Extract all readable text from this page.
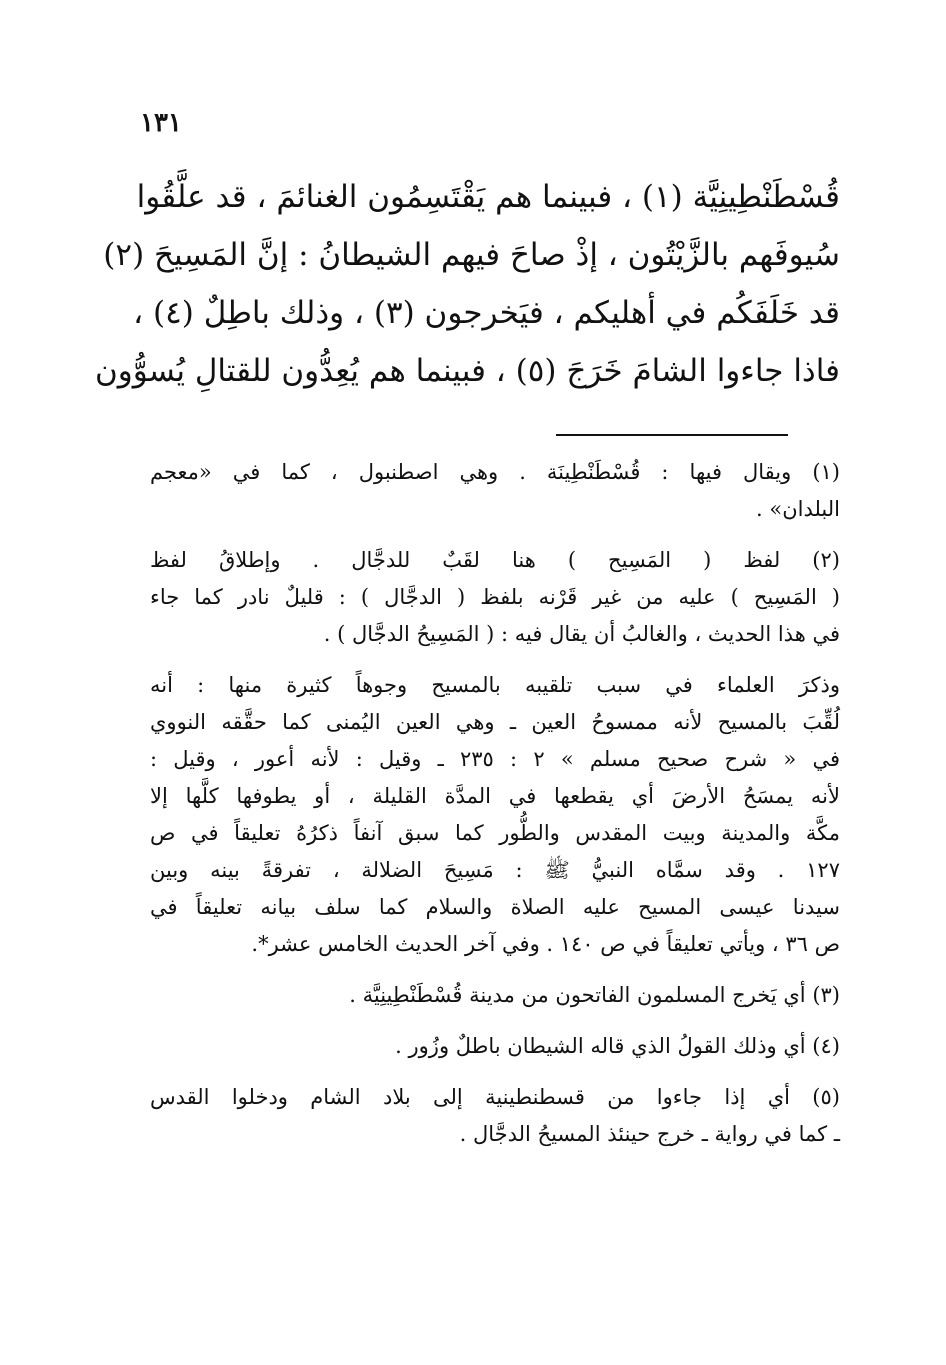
١٣١
قُسْطَنْطِينِيَّة (١) ، فبينما هم يَقْتَسِمُون الغنائمَ ، قد علَّقُوا
سُيوفَهم بالزَّيْتُون ، إذْ صاحَ فيهم الشيطانُ : إنَّ المَسِيحَ (٢)
قد خَلَفَكُم في أهليكم ، فيَخرجون (٣) ، وذلك باطِلٌ (٤) ،
فاذا جاءوا الشامَ خَرَجَ (٥) ، فبينما هم يُعِدُّون للقتالِ يُسوُّون
(١) ويقال فيها : قُسْطَنْطِينَة . وهي اصطنبول ، كما في «معجم
البلدان» .
(٢) لفظ ( المَسِيح ) هنا لقَبٌ للدجَّال . وإطلاقُ لفظ
( المَسِيح ) عليه من غير قَرْنه بلفظ ( الدجَّال ) : قليلٌ نادر كما جاء
في هذا الحديث ، والغالبُ أن يقال فيه : ( المَسِيحُ الدجَّال ) .
وذكرَ العلماء في سبب تلقيبه بالمسيح وجوهاً كثيرة منها : أنه
لُقِّبَ بالمسيح لأنه ممسوحُ العين ـ وهي العين اليُمنى كما حقَّقه النووي
في « شرح صحيح مسلم » ٢ : ٢٣٥ ـ وقيل : لأنه أعور ، وقيل :
لأنه يمسَحُ الأرضَ أي يقطعها في المدَّة القليلة ، أو يطوفها كلَّها إلا
مكَّة والمدينة وبيت المقدس والطُّور كما سبق آنفاً ذكرُهُ تعليقاً في ص
١٢٧ . وقد سمَّاه النبيُّ ﷺ : مَسِيحَ الضلالة ، تفرقةً بينه وبين
سيدنا عيسى المسيح عليه الصلاة والسلام كما سلف بيانه تعليقاً في
ص ٣٦ ، ويأتي تعليقاً في ص ١٤٠ . وفي آخر الحديث الخامس عشر*.
(٣) أي يَخرج المسلمون الفاتحون من مدينة قُسْطَنْطِينِيَّة .
(٤) أي وذلك القولُ الذي قاله الشيطان باطلٌ وزُور .
(٥) أي إذا جاءوا من قسطنطينية إلى بلاد الشام ودخلوا القدس
ـ كما في رواية ـ خرج حينئذ المسيحُ الدجَّال .
